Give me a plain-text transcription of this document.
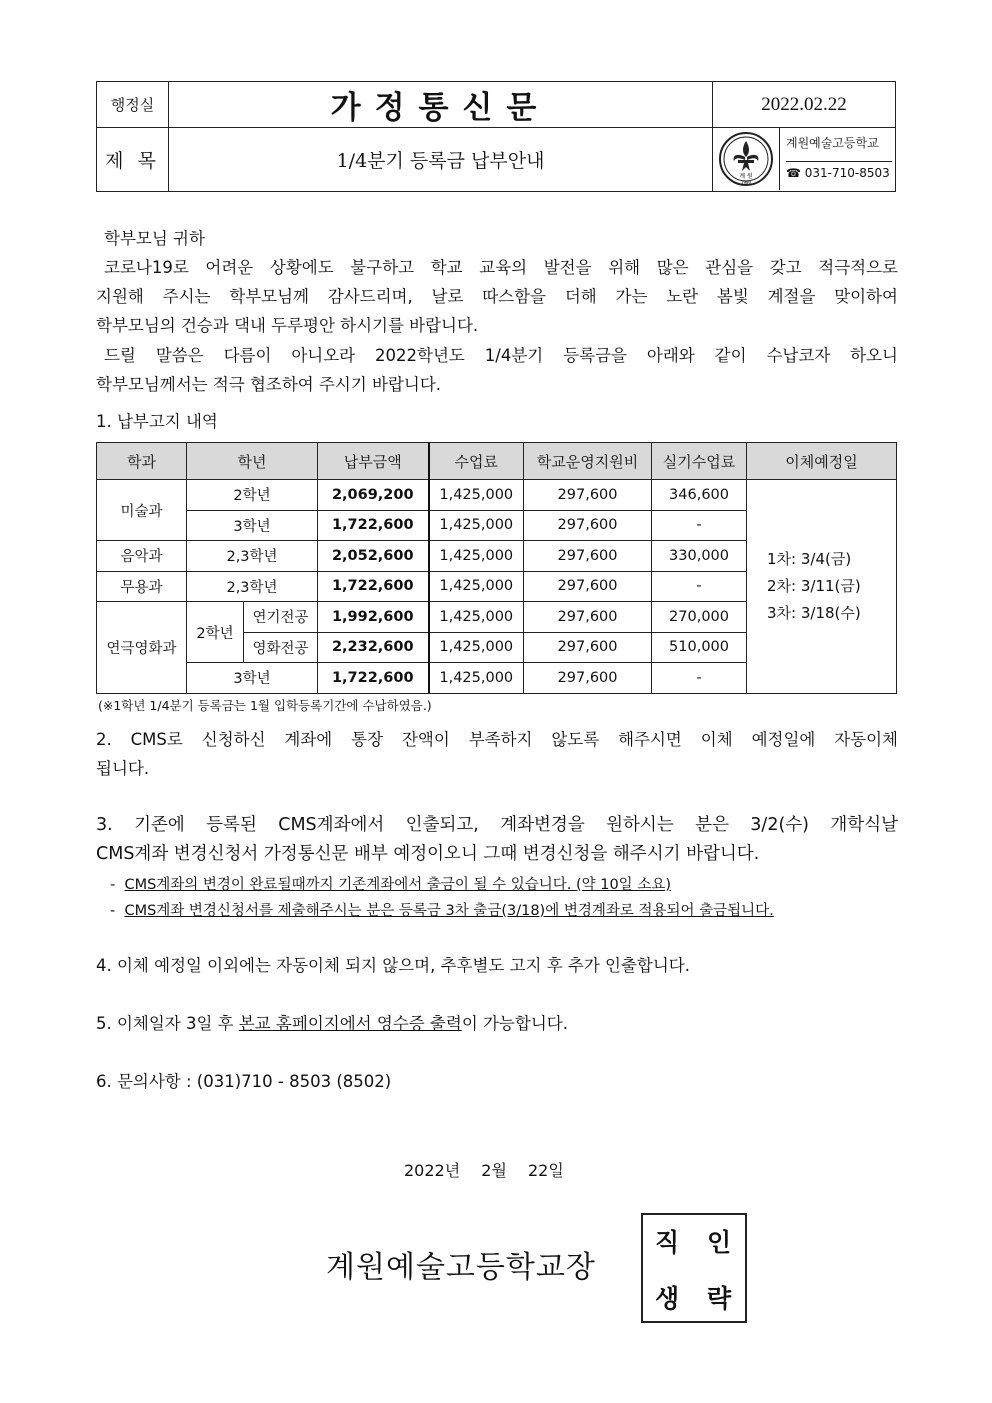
행정실	가정통신문	2022.02.22
제 목	1/4분기 등록금 납부안내	
계 원
1980
계원예술고등학교
☎ 031-710-8503
학부모님 귀하
코로나19로 어려운 상황에도 불구하고 학교 교육의 발전을 위해 많은 관심을 갖고 적극적으로
지원해 주시는 학부모님께 감사드리며, 날로 따스함을 더해 가는 노란 봄빛 계절을 맞이하여
학부모님의 건승과 댁내 두루평안 하시기를 바랍니다.
드릴 말씀은 다름이 아니오라 2022학년도 1/4분기 등록금을 아래와 같이 수납코자 하오니
학부모님께서는 적극 협조하여 주시기 바랍니다.
1. 납부고지 내역
학과	학년		납부금액	수업료	학교운영지원비	실기수업료	이체예정일
미술과	2학년		2,069,200	1,425,000	297,600	346,600	1차: 3/4(금)
2차: 3/11(금)
3차: 3/18(수)

	3학년		1,722,600	1,425,000	297,600	-	
음악과	2,3학년		2,052,600	1,425,000	297,600	330,000	
무용과	2,3학년		1,722,600	1,425,000	297,600	-	
연극영화과	2학년	연기전공	1,992,600	1,425,000	297,600	270,000	
		영화전공	2,232,600	1,425,000	297,600	510,000	
	3학년		1,722,600	1,425,000	297,600	-	
(※1학년 1/4분기 등록금는 1월 입학등록기간에 수납하였음.)
2. CMS로 신청하신 계좌에 통장 잔액이 부족하지 않도록 해주시면 이체 예정일에 자동이체
됩니다.
3. 기존에 등록된 CMS계좌에서 인출되고, 계좌변경을 원하시는 분은 3/2(수) 개학식날
CMS계좌 변경신청서 가정통신문 배부 예정이오니 그때 변경신청을 해주시기 바랍니다.
- CMS계좌의 변경이 완료될때까지 기존계좌에서 출금이 될 수 있습니다. (약 10일 소요)
- CMS계좌 변경신청서를 제출해주시는 분은 등록금 3차 출금(3/18)에 변경계좌로 적용되어 출금됩니다.
4. 이체 예정일 이외에는 자동이체 되지 않으며, 추후별도 고지 후 추가 인출합니다.
5. 이체일자 3일 후 본교 홈페이지에서 영수증 출력이 가능합니다.
6. 문의사항 : (031)710 - 8503 (8502)
2022년 2월 22일
계원예술고등학교장
직 인
생 략
